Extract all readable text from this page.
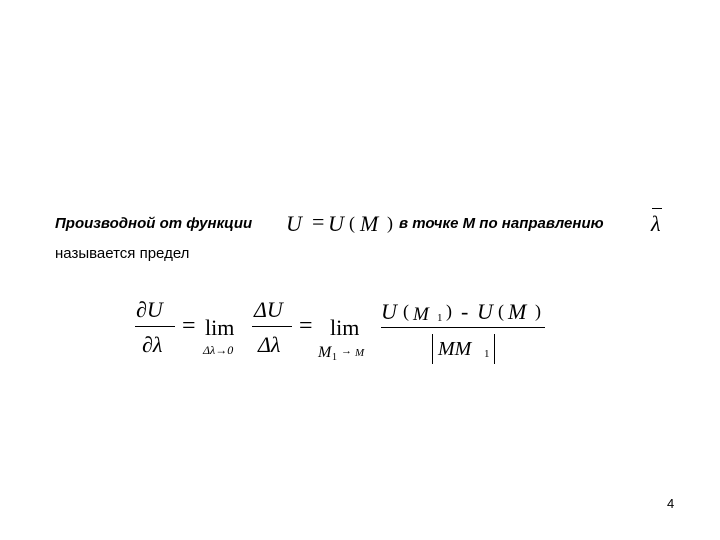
Производной от функции U = U ( M ) в точке М по направлению λ
называется предел
∂U
∂λ
= lim
Δλ→0
ΔU
Δλ
= lim
M 1
→ M
U ( M 1 ) - U ( M )
MM 1
4
